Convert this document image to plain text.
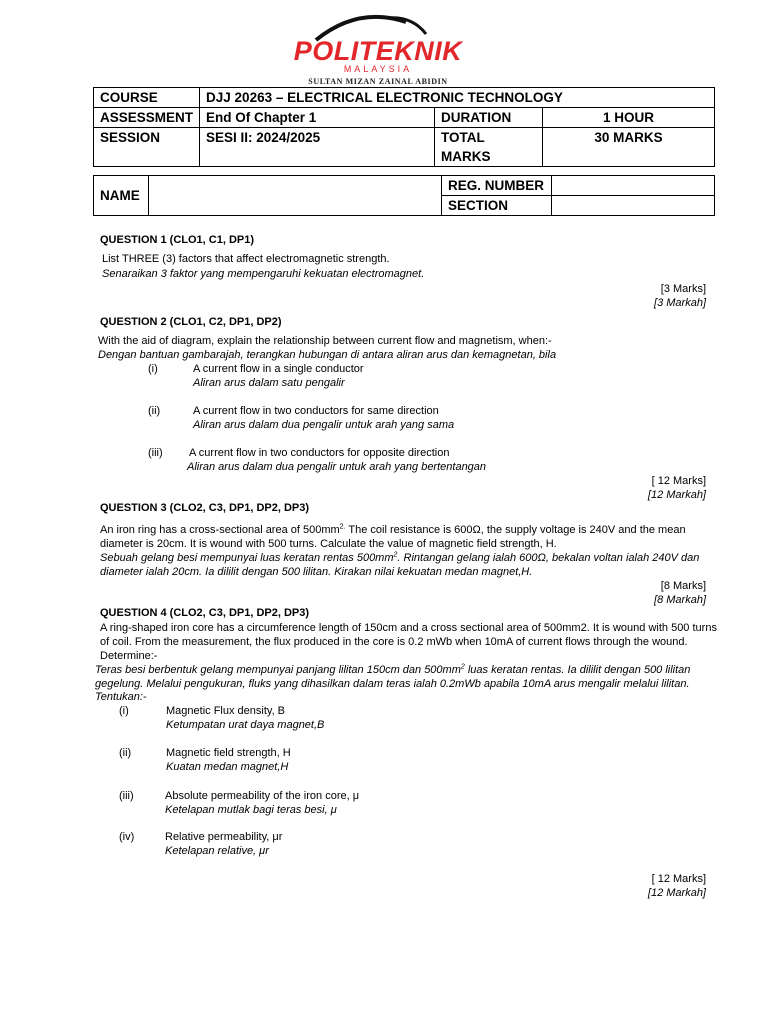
POLITEKNIK
MALAYSIA
SULTAN MIZAN ZAINAL ABIDIN
COURSE	DJJ 20263 – ELECTRICAL ELECTRONIC TECHNOLOGY		
ASSESSMENT	End Of Chapter 1	DURATION	1 HOUR
SESSION	SESI II: 2024/2025	TOTAL MARKS	30 MARKS
NAME		REG. NUMBER	
		SECTION	
QUESTION 1 (CLO1, C1, DP1)
List THREE (3) factors that affect electromagnetic strength.
Senaraikan 3 faktor yang mempengaruhi kekuatan electromagnet.
[3 Marks]
[3 Markah]
QUESTION 2 (CLO1, C2, DP1, DP2)
With the aid of diagram, explain the relationship between current flow and magnetism, when:-
Dengan bantuan gambarajah, terangkan hubungan di antara aliran arus dan kemagnetan, bila
(i)	A current flow in a single conductor
Aliran arus dalam satu pengalir
(ii)	A current flow in two conductors for same direction
Aliran arus dalam dua pengalir untuk arah yang sama
(iii) A current flow in two conductors for opposite direction
Aliran arus dalam dua pengalir untuk arah yang bertentangan
[ 12 Marks]
[12 Markah]
QUESTION 3 (CLO2, C3, DP1, DP2, DP3)
An iron ring has a cross-sectional area of $500mm^{2.}$ The coil resistance is 600Ω, the supply voltage is 240V and the mean
diameter is 20cm. It is wound with 500 turns. Calculate the value of magnetic field strength, H.
Sebuah gelang besi mempunyai luas keratan rentas $500mm^2$. Rintangan gelang ialah 600Ω, bekalan voltan ialah 240V dan
diameter ialah 20cm. Ia dililit dengan 500 lilitan. Kirakan nilai kekuatan medan magnet,H.
[8 Marks]
[8 Markah]
QUESTION 4 (CLO2, C3, DP1, DP2, DP3)
A ring-shaped iron core has a circumference length of 150cm and a cross sectional area of 500mm2. It is wound with 500 turns
of coil. From the measurement, the flux produced in the core is 0.2 mWb when 10mA of current flows through the wound.
Determine:-
Teras besi berbentuk gelang mempunyai panjang lilitan 150cm dan $500mm^2$ luas keratan rentas. Ia dililit dengan 500 lilitan
gegelung. Melalui pengukuran, fluks yang dihasilkan dalam teras ialah 0.2mWb apabila 10mA arus mengalir melalui lilitan.
Tentukan:-
(i)	Magnetic Flux density, B
Ketumpatan urat daya magnet,B
(ii)	Magnetic field strength, H
Kuatan medan magnet,H
(iii)	Absolute permeability of the iron core, μ
Ketelapan mutlak bagi teras besi, μ
(iv)	Relative permeability, μr
Ketelapan relative, μr
[ 12 Marks]
[12 Markah]
